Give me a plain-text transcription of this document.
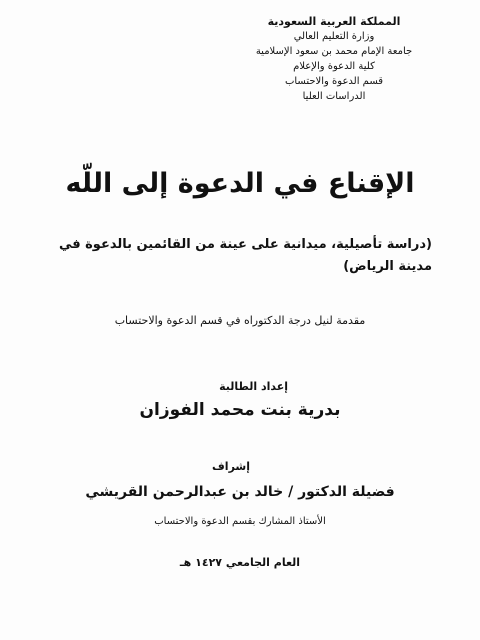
المملكة العربية السعودية
وزارة التعليم العالي
جامعة الإمام محمد بن سعود الإسلامية
كلية الدعوة والإعلام
قسم الدعوة والاحتساب
الدراسات العليا
الإقناع في الدعوة إلى اللّه
(دراسة تأصيلية، ميدانية على عينة من القائمين بالدعوة في مدينة الرياض)
مقدمة لنيل درجة الدكتوراه في قسم الدعوة والاحتساب
إعداد الطالبة
بدرية بنت محمد الفوزان
إشراف
فضيلة الدكتور / خالد بن عبدالرحمن القريشي
الأستاذ المشارك بقسم الدعوة والاحتساب
العام الجامعي ١٤٢٧ هـ
